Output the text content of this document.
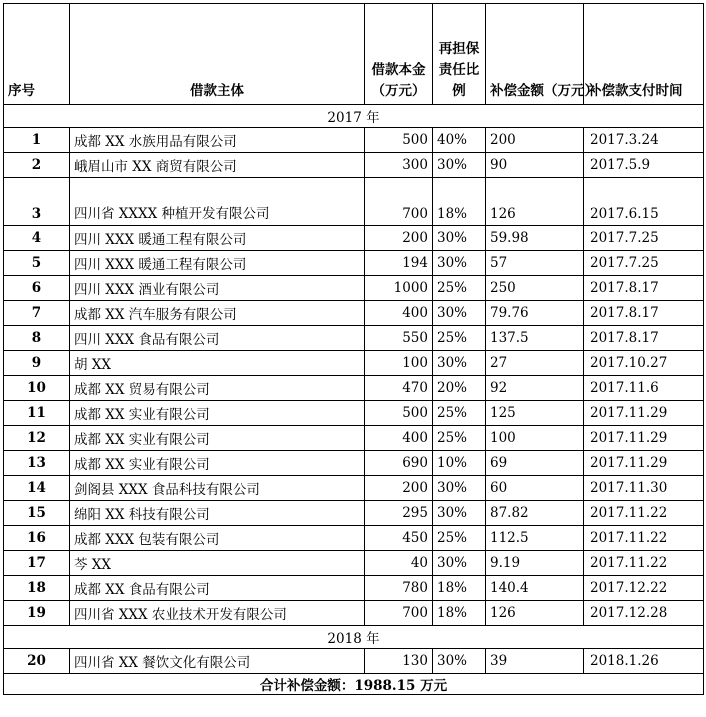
序号	借款主体	借款本金（万元）	再担保责任比例	补偿金额（万元）	补偿款支付时间
2017 年					
1	成都 XX 水族用品有限公司	500	40%	200	2017.3.24
2	峨眉山市 XX 商贸有限公司	300	30%	90	2017.5.9
3	四川省 XXXX 种植开发有限公司	700	18%	126	2017.6.15
4	四川 XXX 暖通工程有限公司	200	30%	59.98	2017.7.25
5	四川 XXX 暖通工程有限公司	194	30%	57	2017.7.25
6	四川 XXX 酒业有限公司	1000	25%	250	2017.8.17
7	成都 XX 汽车服务有限公司	400	30%	79.76	2017.8.17
8	四川 XXX 食品有限公司	550	25%	137.5	2017.8.17
9	胡 XX	100	30%	27	2017.10.27
10	成都 XX 贸易有限公司	470	20%	92	2017.11.6
11	成都 XX 实业有限公司	500	25%	125	2017.11.29
12	成都 XX 实业有限公司	400	25%	100	2017.11.29
13	成都 XX 实业有限公司	690	10%	69	2017.11.29
14	剑阁县 XXX 食品科技有限公司	200	30%	60	2017.11.30
15	绵阳 XX 科技有限公司	295	30%	87.82	2017.11.22
16	成都 XXX 包装有限公司	450	25%	112.5	2017.11.22
17	芩 XX	40	30%	9.19	2017.11.22
18	成都 XX 食品有限公司	780	18%	140.4	2017.12.22
19	四川省 XXX 农业技术开发有限公司	700	18%	126	2017.12.28
2018 年					
20	四川省 XX 餐饮文化有限公司	130	30%	39	2018.1.26
合计补偿金额：1988.15 万元					
